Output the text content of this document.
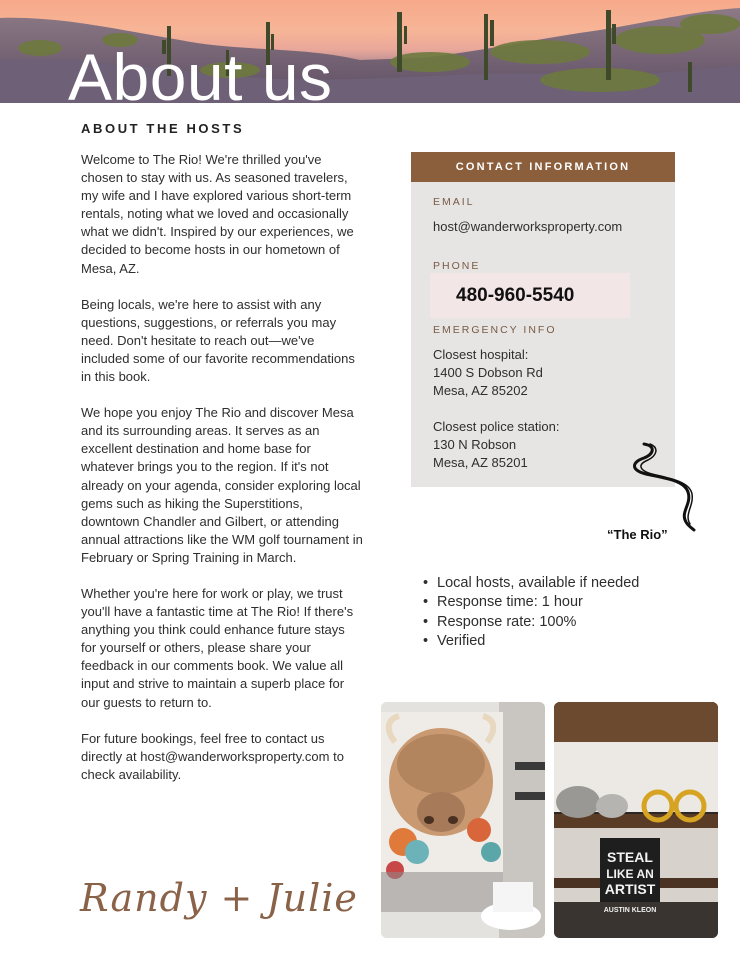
About us
ABOUT THE HOSTS

Welcome to The Rio! We're thrilled you've chosen to stay with us. As seasoned travelers, my wife and I have explored various short-term rentals, noting what we loved and occasionally what we didn't. Inspired by our experiences, we decided to become hosts in our hometown of Mesa, AZ.

Being locals, we're here to assist with any questions, suggestions, or referrals you may need. Don't hesitate to reach out—we've included some of our favorite recommendations in this book.

We hope you enjoy The Rio and discover Mesa and its surrounding areas. It serves as an excellent destination and home base for whatever brings you to the region. If it's not already on your agenda, consider exploring local gems such as hiking the Superstitions, downtown Chandler and Gilbert, or attending annual attractions like the WM golf tournament in February or Spring Training in March.

Whether you're here for work or play, we trust you'll have a fantastic time at The Rio! If there's anything you think could enhance future stays for yourself or others, please share your feedback in our comments book. We value all input and strive to maintain a superb place for our guests to return to.

For future bookings, feel free to contact us directly at host@wanderworksproperty.com to check availability.

Randy + Julie
CONTACT INFORMATION
EMAIL
host@wanderworksproperty.com
PHONE
480-960-5540
EMERGENCY INFO
Closest hospital:
1400 S Dobson Rd
Mesa, AZ 85202
Closest police station:
130 N Robson
Mesa, AZ 85201
“The Rio”
• Local hosts, available if needed
• Response time: 1 hour
• Response rate: 100%
• Verified
STEAL
LIKE AN
ARTIST
AUSTIN KLEON
